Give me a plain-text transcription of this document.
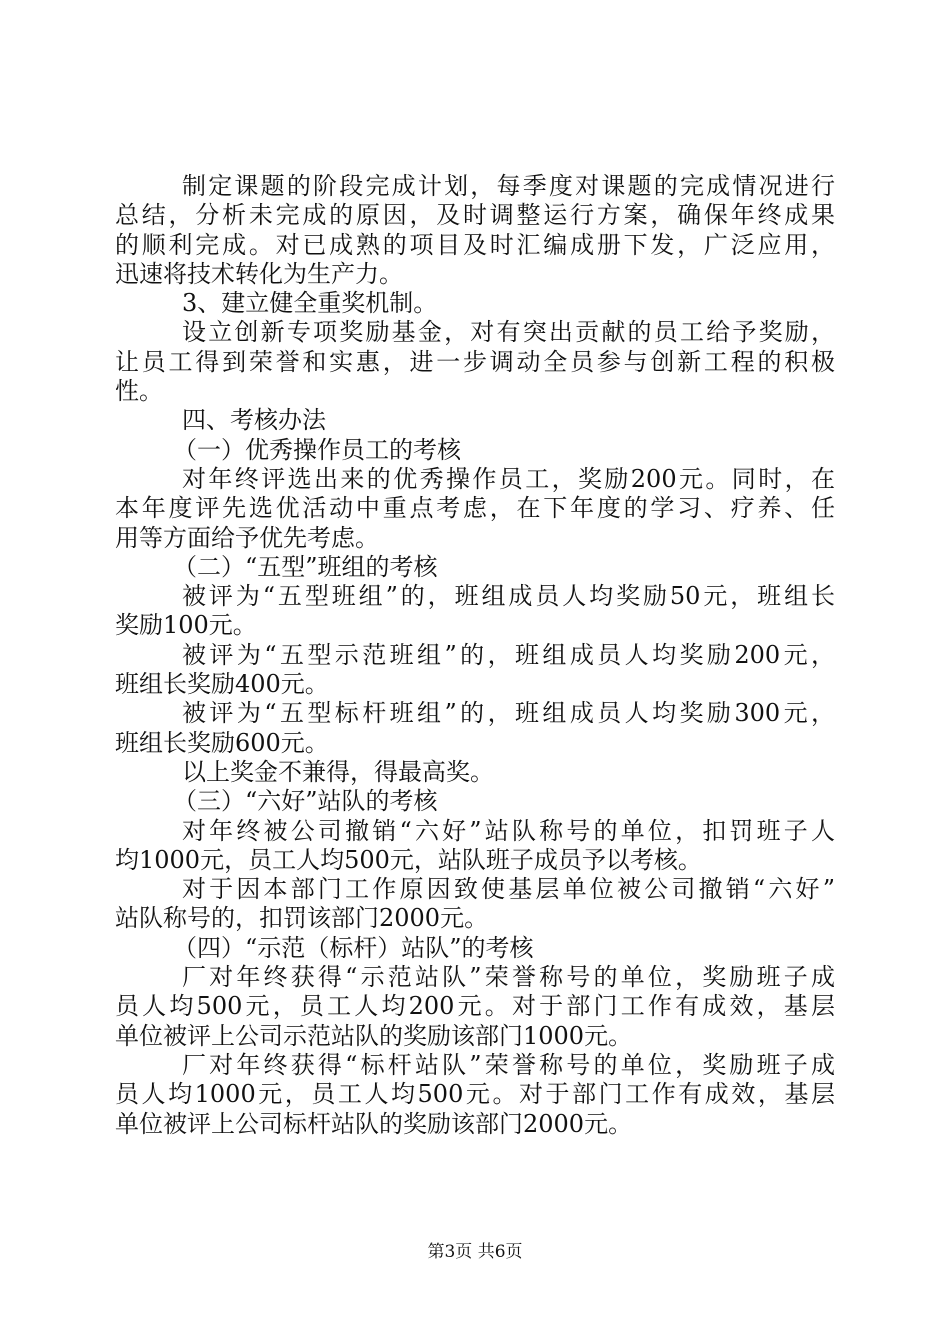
制定课题的阶段完成计划，每季度对课题的完成情况进行
总结，分析未完成的原因，及时调整运行方案，确保年终成果
的顺利完成。对已成熟的项目及时汇编成册下发，广泛应用，
迅速将技术转化为生产力。
3、建立健全重奖机制。
设立创新专项奖励基金，对有突出贡献的员工给予奖励，
让员工得到荣誉和实惠，进一步调动全员参与创新工程的积极
性。
四、考核办法
（一）优秀操作员工的考核
对年终评选出来的优秀操作员工，奖励200元。同时，在
本年度评先选优活动中重点考虑，在下年度的学习、疗养、任
用等方面给予优先考虑。
（二）“五型”班组的考核
被评为“五型班组”的，班组成员人均奖励50元，班组长
奖励100元。
被评为“五型示范班组”的，班组成员人均奖励200元，
班组长奖励400元。
被评为“五型标杆班组”的，班组成员人均奖励300元，
班组长奖励600元。
以上奖金不兼得，得最高奖。
（三）“六好”站队的考核
对年终被公司撤销“六好”站队称号的单位，扣罚班子人
均1000元，员工人均500元，站队班子成员予以考核。
对于因本部门工作原因致使基层单位被公司撤销“六好”
站队称号的，扣罚该部门2000元。
（四）“示范（标杆）站队”的考核
厂对年终获得“示范站队”荣誉称号的单位，奖励班子成
员人均500元，员工人均200元。对于部门工作有成效，基层
单位被评上公司示范站队的奖励该部门1000元。
厂对年终获得“标杆站队”荣誉称号的单位，奖励班子成
员人均1000元，员工人均500元。对于部门工作有成效，基层
单位被评上公司标杆站队的奖励该部门2000元。
第3页 共6页
